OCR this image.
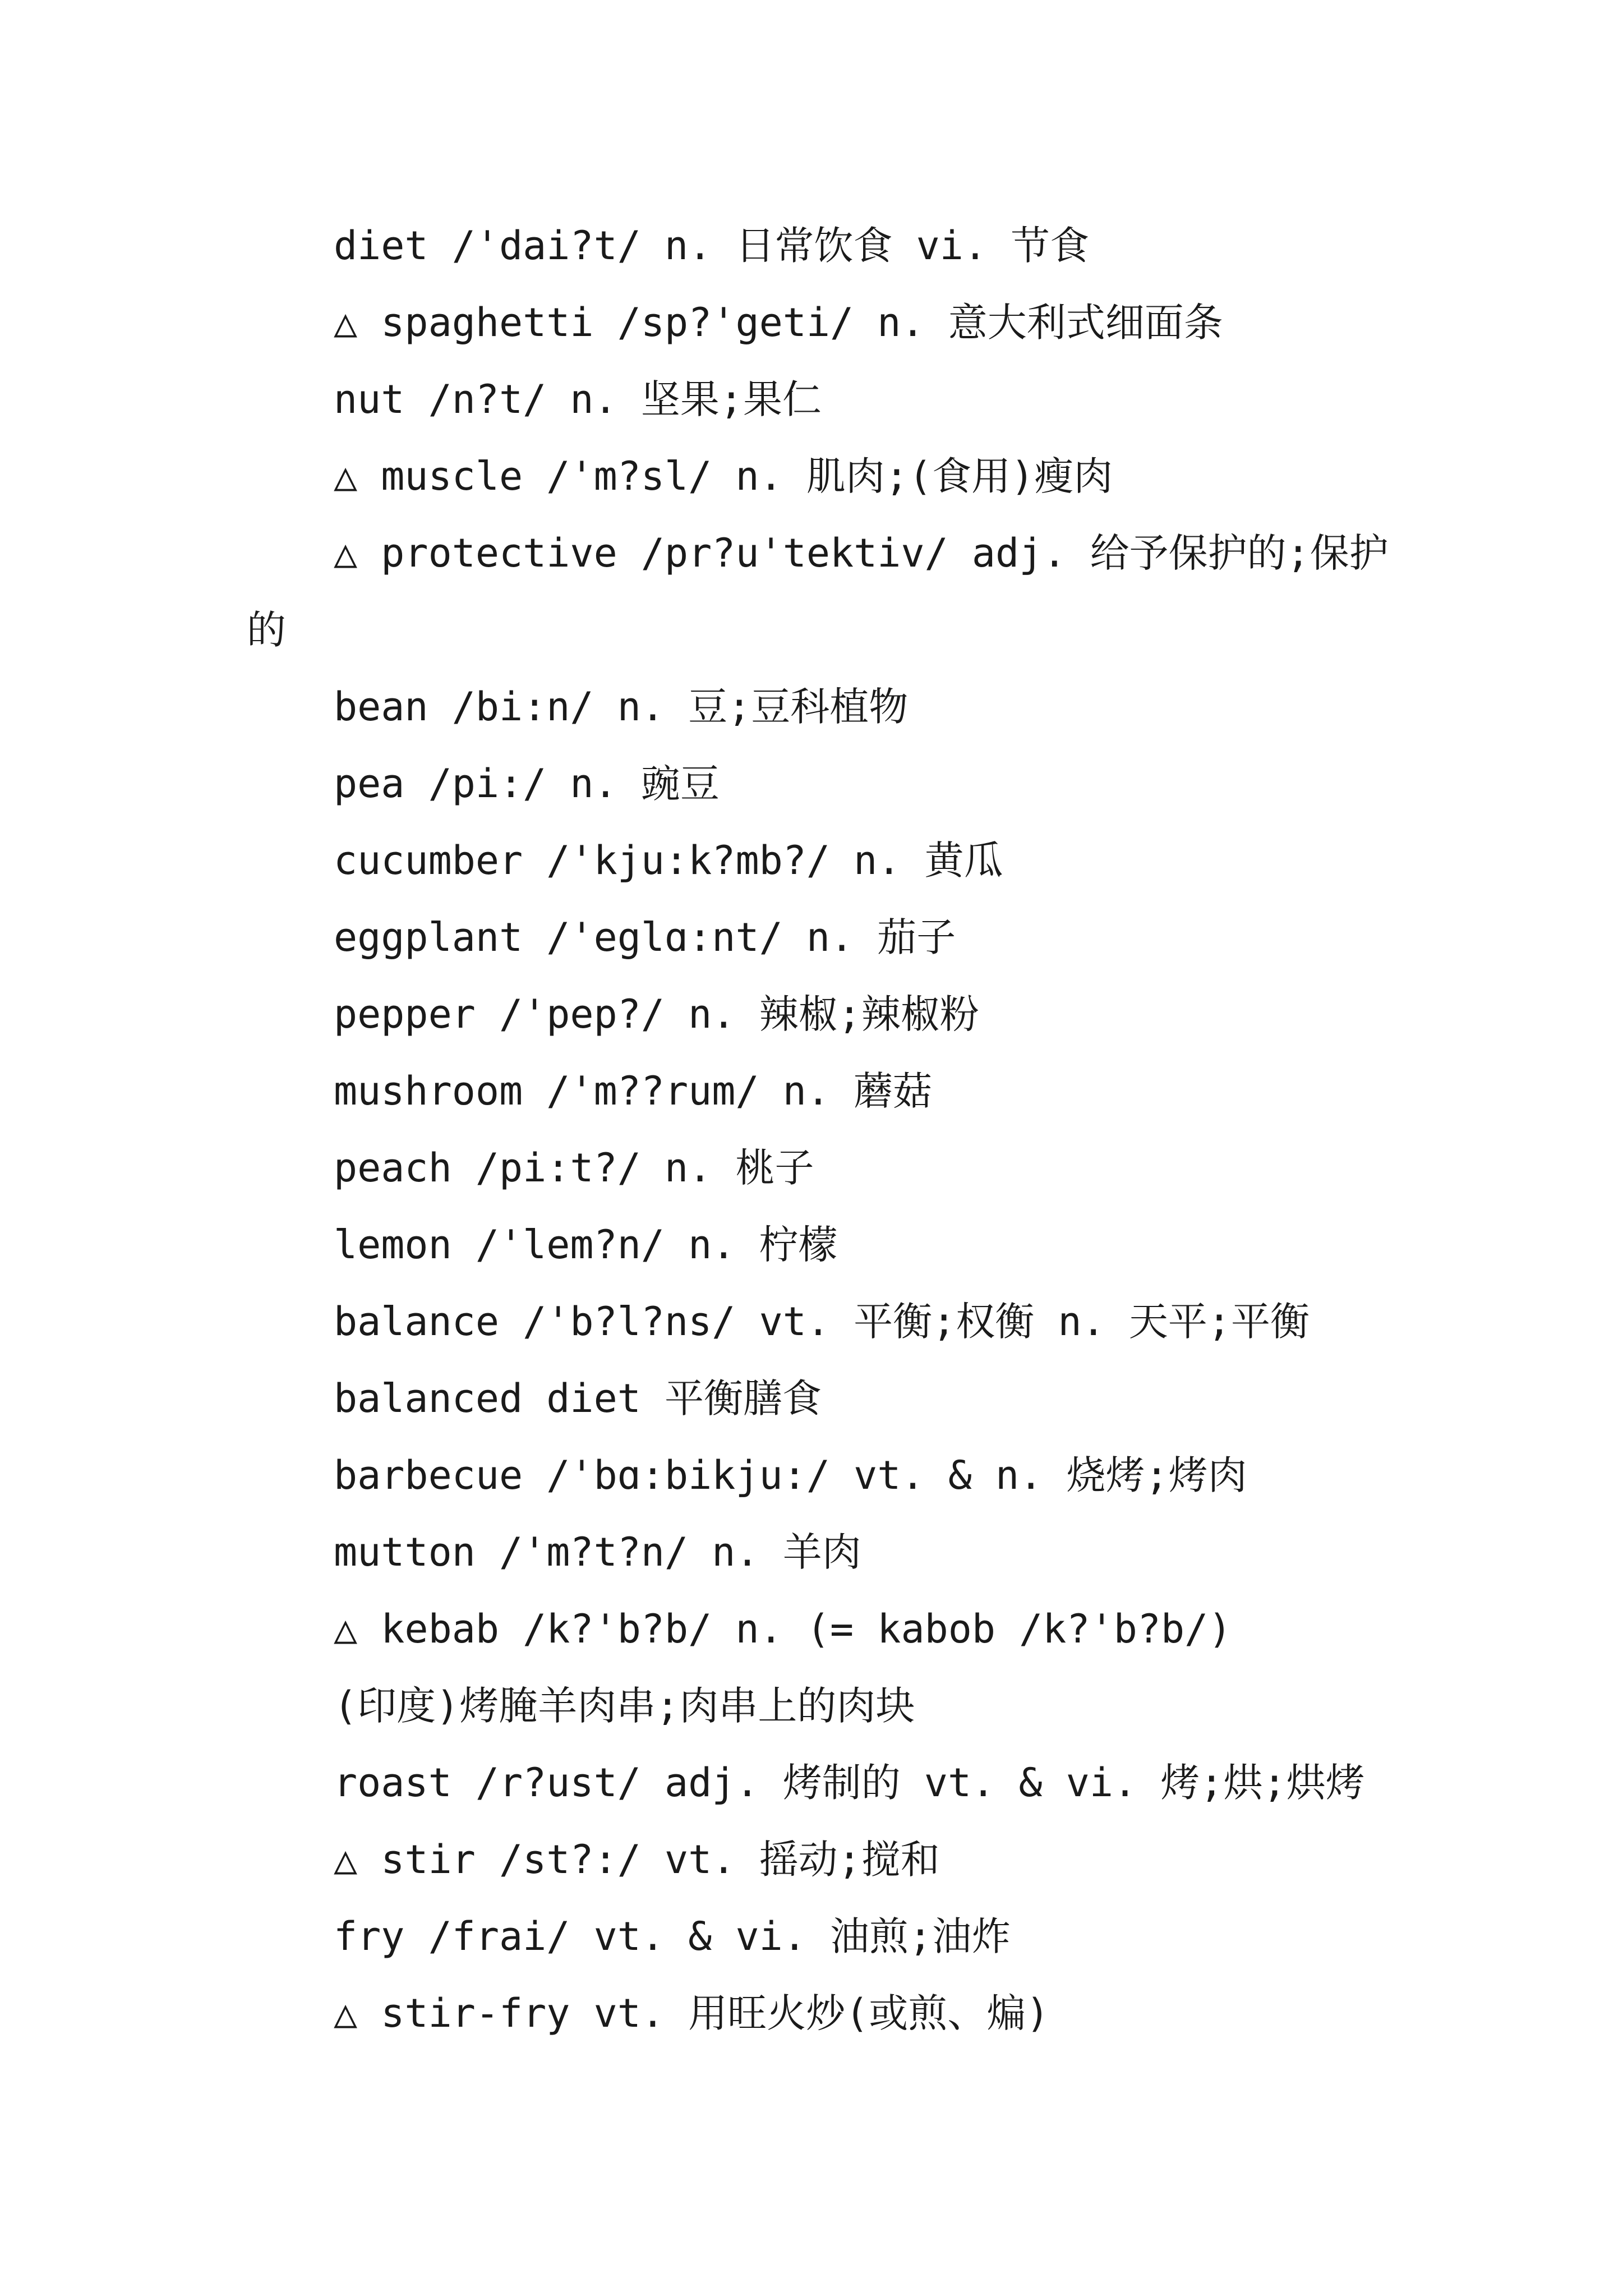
diet /'dai?t/ n. 日常饮食 vi. 节食
△ spaghetti /sp?'geti/ n. 意大利式细面条
nut /n?t/ n. 坚果;果仁
△ muscle /'m?sl/ n. 肌肉;(食用)瘦肉
△ protective /pr?u'tektiv/ adj. 给予保护的;保护
的
bean /bi:n/ n. 豆;豆科植物
pea /pi:/ n. 豌豆
cucumber /'kju:k?mb?/ n. 黄瓜
eggplant /'eglɑ:nt/ n. 茄子
pepper /'pep?/ n. 辣椒;辣椒粉
mushroom /'m??rum/ n. 蘑菇
peach /pi:t?/ n. 桃子
lemon /'lem?n/ n. 柠檬
balance /'b?l?ns/ vt. 平衡;权衡 n. 天平;平衡
balanced diet 平衡膳食
barbecue /'bɑ:bikju:/ vt. & n. 烧烤;烤肉
mutton /'m?t?n/ n. 羊肉
△ kebab /k?'b?b/ n. (= kabob /k?'b?b/)
(印度)烤腌羊肉串;肉串上的肉块
roast /r?ust/ adj. 烤制的 vt. & vi. 烤;烘;烘烤
△ stir /st?:/ vt. 摇动;搅和
fry /frai/ vt. & vi. 油煎;油炸
△ stir-fry vt. 用旺火炒(或煎、煸)
